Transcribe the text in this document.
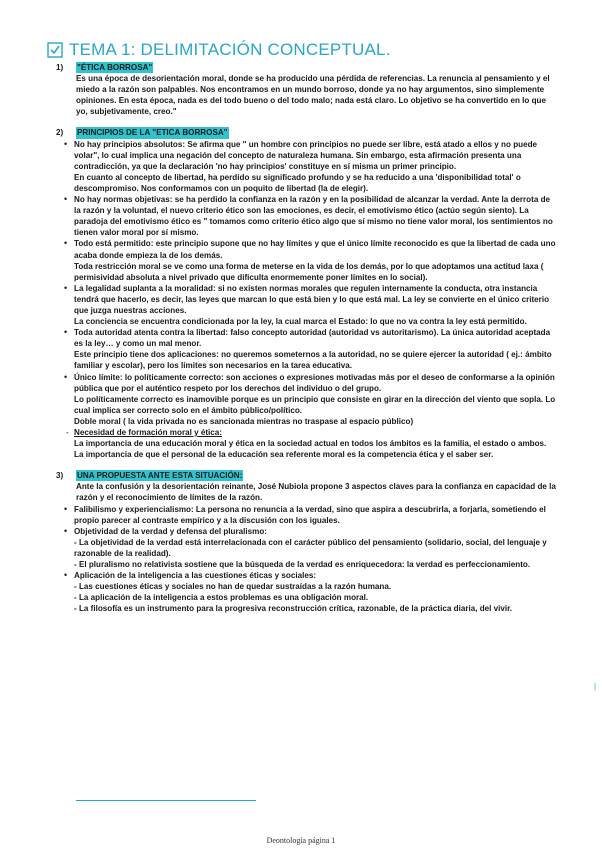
TEMA 1: DELIMITACIÓN CONCEPTUAL.
1)	"ÉTICA BORROSA"

Es una época de desorientación moral, donde se ha producido una pérdida de referencias. La renuncia al pensamiento y el miedo a la razón son palpables. Nos encontramos en un mundo borroso, donde ya no hay argumentos, sino simplemente opiniones. En esta época, nada es del todo bueno o del todo malo; nada está claro. Lo objetivo se ha convertido en lo que yo, subjetivamente, creo."

2)	PRINCIPIOS DE LA "ETICA BORROSA"
• No hay principios absolutos: Se afirma que " un hombre con principios no puede ser libre, está atado a ellos y no puede volar", lo cual implica una negación del concepto de naturaleza humana. Sin embargo, esta afirmación presenta una contradicción, ya que la declaración 'no hay principios' constituye en sí misma un primer principio.
En cuanto al concepto de libertad, ha perdido su significado profundo y se ha reducido a una 'disponibilidad total' o descompromiso. Nos conformamos con un poquito de libertad (la de elegir).
• No hay normas objetivas: se ha perdido la confianza en la razón y en la posibilidad de alcanzar la verdad. Ante la derrota de la razón y la voluntad, el nuevo criterio ético son las emociones, es decir, el emotivismo ético (actúo según siento). La paradoja del emotivismo ético es " tomamos como criterio ético algo que sí mismo no tiene valor moral, los sentimientos no tienen valor moral por sí mismo.
• Todo está permitido: este principio supone que no hay límites y que el único límite reconocido es que la libertad de cada uno acaba donde empieza la de los demás.
Toda restricción moral se ve como una forma de meterse en la vida de los demás, por lo que adoptamos una actitud laxa ( permisividad absoluta a nivel privado que dificulta enormemente poner límites en lo social).
• La legalidad suplanta a la moralidad: si no existen normas morales que regulen internamente la conducta, otra instancia tendrá que hacerlo, es decir, las leyes que marcan lo que está bien y lo que está mal. La ley se convierte en el único criterio que juzga nuestras acciones.
La conciencia se encuentra condicionada por la ley, la cual marca el Estado: lo que no va contra la ley está permitido.
• Toda autoridad atenta contra la libertad: falso concepto autoridad (autoridad vs autoritarismo). La única autoridad aceptada es la ley… y como un mal menor.
Este principio tiene dos aplicaciones: no queremos someternos a la autoridad, no se quiere ejercer la autoridad ( ej.: ámbito familiar y escolar), pero los límites son necesarios en la tarea educativa.
• Único límite: lo políticamente correcto: son acciones o expresiones motivadas más por el deseo de conformarse a la opinión pública que por el auténtico respeto por los derechos del individuo o del grupo.
Lo políticamente correcto es inamovible porque es un principio que consiste en girar en la dirección del viento que sopla. Lo cual implica ser correcto solo en el ámbito público/político.
Doble moral ( la vida privada no es sancionada mientras no traspase al espacio público)
- Necesidad de formación moral y ética:
La importancia de una educación moral y ética en la sociedad actual en todos los ámbitos es la familia, el estado o ambos.
La importancia de que el personal de la educación sea referente moral es la competencia ética y el saber ser.
3)	UNA PROPUESTA ANTE ESTA SITUACIÓN:

Ante la confusión y la desorientación reinante, José Nubiola propone 3 aspectos claves para la confianza en capacidad de la razón y el reconocimiento de límites de la razón.

• Falibilismo y experiencialismo: La persona no renuncia a la verdad, sino que aspira a descubrirla, a forjarla, sometiendo el propio parecer al contraste empírico y a la discusión con los iguales.
• Objetividad de la verdad y defensa del pluralismo:
- La objetividad de la verdad está interrelacionada con el carácter público del pensamiento (solidario, social, del lenguaje y razonable de la realidad).
- El pluralismo no relativista sostiene que la búsqueda de la verdad es enriquecedora: la verdad es perfeccionamiento.
• Aplicación de la inteligencia a las cuestiones éticas y sociales:
- Las cuestiones éticas y sociales no han de quedar sustraídas a la razón humana.
- La aplicación de la inteligencia a estos problemas es una obligación moral.
- La filosofía es un instrumento para la progresiva reconstrucción crítica, razonable, de la práctica diaria, del vivir.
Deontología página 1
|
